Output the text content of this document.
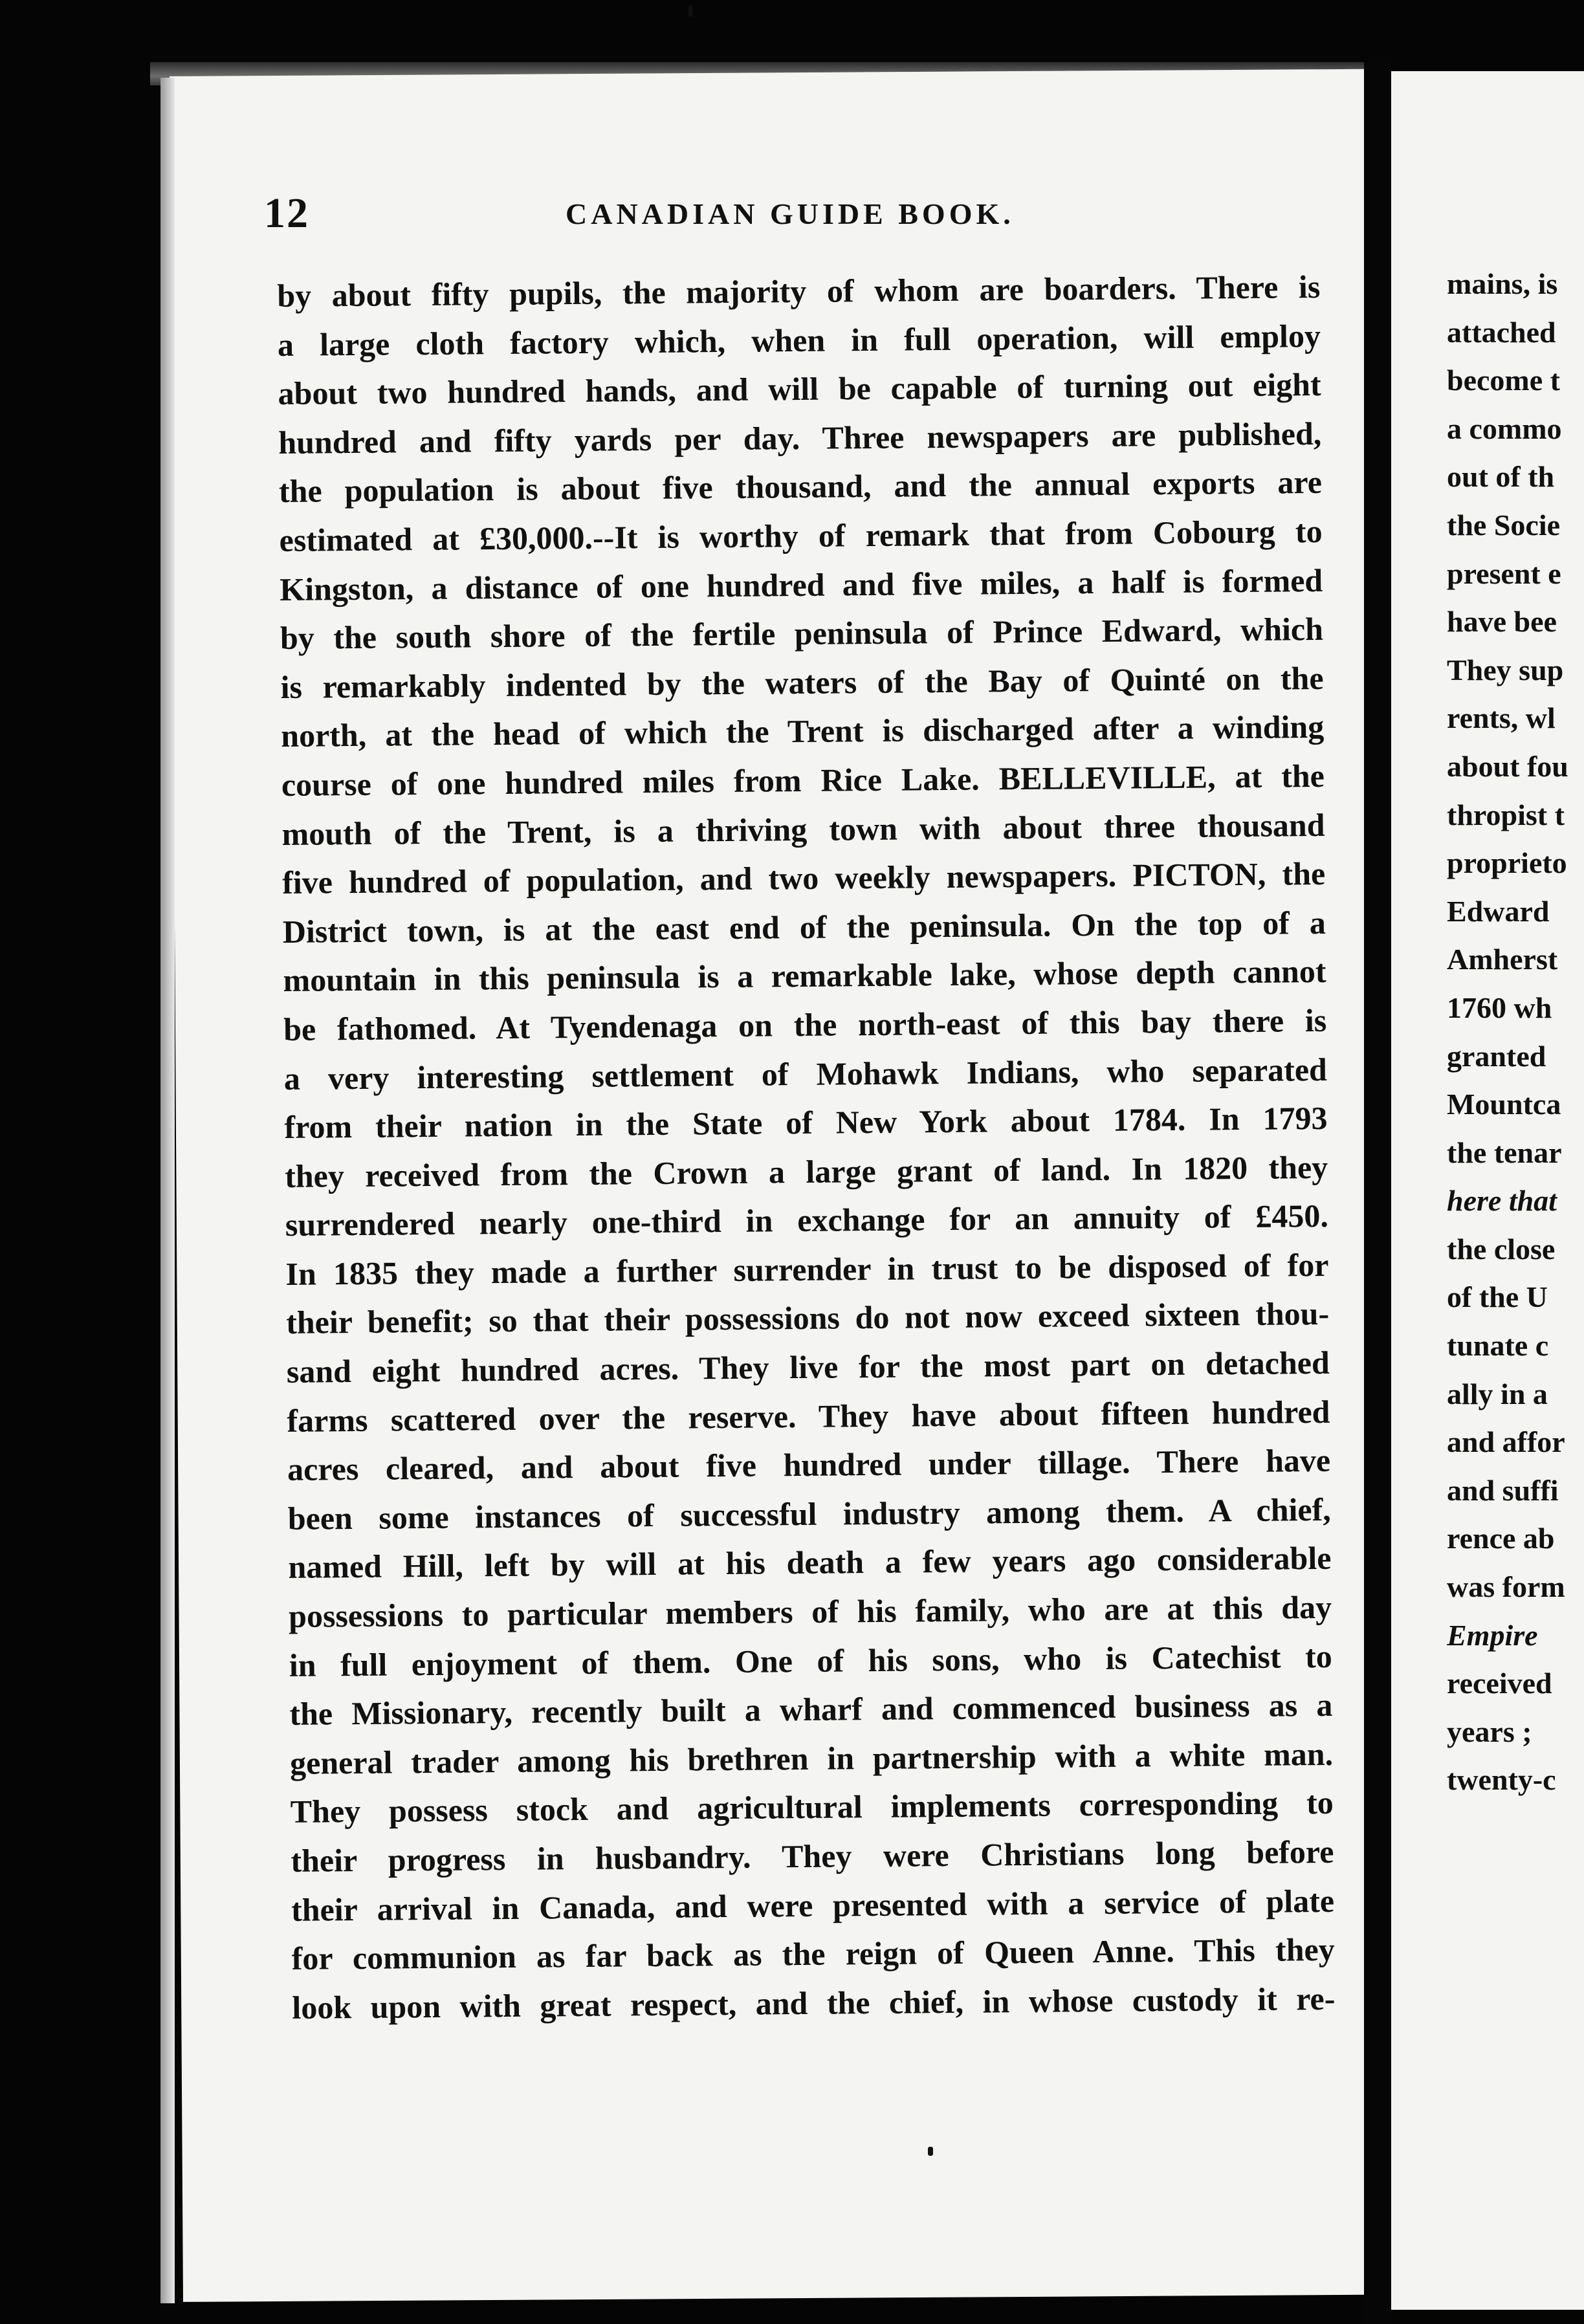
12	CANADIAN GUIDE BOOK.
by about fifty pupils, the majority of whom are boarders. There is
a large cloth factory which, when in full operation, will employ
about two hundred hands, and will be capable of turning out eight
hundred and fifty yards per day. Three newspapers are published,
the population is about five thousand, and the annual exports are
estimated at £30,000.--It is worthy of remark that from Cobourg to
Kingston, a distance of one hundred and five miles, a half is formed
by the south shore of the fertile peninsula of Prince Edward, which
is remarkably indented by the waters of the Bay of Quinté on the
north, at the head of which the Trent is discharged after a winding
course of one hundred miles from Rice Lake. BELLEVILLE, at the
mouth of the Trent, is a thriving town with about three thousand
five hundred of population, and two weekly newspapers. PICTON, the
District town, is at the east end of the peninsula. On the top of a
mountain in this peninsula is a remarkable lake, whose depth cannot
be fathomed. At Tyendenaga on the north-east of this bay there is
a very interesting settlement of Mohawk Indians, who separated
from their nation in the State of New York about 1784. In 1793
they received from the Crown a large grant of land. In 1820 they
surrendered nearly one-third in exchange for an annuity of £450.
In 1835 they made a further surrender in trust to be disposed of for
their benefit; so that their possessions do not now exceed sixteen thou-
sand eight hundred acres. They live for the most part on detached
farms scattered over the reserve. They have about fifteen hundred
acres cleared, and about five hundred under tillage. There have
been some instances of successful industry among them. A chief,
named Hill, left by will at his death a few years ago considerable
possessions to particular members of his family, who are at this day
in full enjoyment of them. One of his sons, who is Catechist to
the Missionary, recently built a wharf and commenced business as a
general trader among his brethren in partnership with a white man.
They possess stock and agricultural implements corresponding to
their progress in husbandry. They were Christians long before
their arrival in Canada, and were presented with a service of plate
for communion as far back as the reign of Queen Anne. This they
look upon with great respect, and the chief, in whose custody it re-
mains, is
attached
become t
a commo
out of th
the Socie
present e
have bee
They sup
rents, wl
about fou
thropist t
proprieto
Edward
Amherst
1760 wh
granted
Mountca
the tenar
here that
the close
of the U
tunate c
ally in a
and affor
and suffi
rence ab
was form
Empire
received
years ;
twenty-c
